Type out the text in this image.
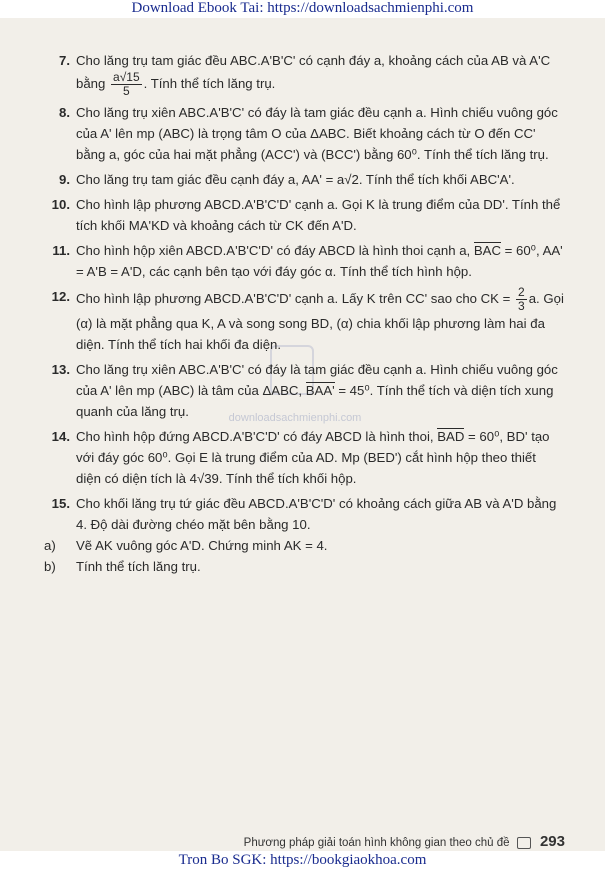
Download Ebook Tai: https://downloadsachmienphi.com
downloadsachmienphi.com
7. Cho lăng trụ tam giác đều ABC.A'B'C' có cạnh đáy a, khoảng cách của AB và A'C bằng $\frac{a√15}{5}$ . Tính thể tích lăng trụ.
8. Cho lăng trụ xiên ABC.A'B'C' có đáy là tam giác đều cạnh a. Hình chiếu vuông góc của A' lên mp (ABC) là trọng tâm O của ΔABC. Biết khoảng cách từ O đến CC' bằng a, góc của hai mặt phẳng (ACC') và (BCC') bằng 60⁰. Tính thể tích lăng trụ.
9. Cho lăng trụ tam giác đều cạnh đáy a, AA' = a√2. Tính thể tích khối ABC'A'.
10. Cho hình lập phương ABCD.A'B'C'D' cạnh a. Gọi K là trung điểm của DD'. Tính thể tích khối MA'KD và khoảng cách từ CK đến A'D.
11. Cho hình hộp xiên ABCD.A'B'C'D' có đáy ABCD là hình thoi cạnh a, BAC = 60⁰, AA' = A'B = A'D, các cạnh bên tạo với đáy góc α. Tính thể tích hình hộp.
12. Cho hình lập phương ABCD.A'B'C'D' cạnh a. Lấy K trên CC' sao cho CK = $\frac{2}{3} a$. Gọi (α) là mặt phẳng qua K, A và song song BD, (α) chia khối lập phương làm hai đa diện. Tính thể tích hai khối đa diện.
13. Cho lăng trụ xiên ABC.A'B'C' có đáy là tam giác đều cạnh a. Hình chiếu vuông góc của A' lên mp (ABC) là tâm của ΔABC, BAA' = 45⁰. Tính thể tích và diện tích xung quanh của lăng trụ.
14. Cho hình hộp đứng ABCD.A'B'C'D' có đáy ABCD là hình thoi, BAD = 60⁰, BD' tạo với đáy góc 60⁰. Gọi E là trung điểm của AD. Mp (BED') cắt hình hộp theo thiết diện có diện tích là 4√39. Tính thể tích khối hộp.
15. Cho khối lăng trụ tứ giác đều ABCD.A'B'C'D' có khoảng cách giữa AB và A'D bằng 4. Độ dài đường chéo mặt bên bằng 10.
a)	Vẽ AK vuông góc A'D. Chứng minh AK = 4.
b)	Tính thể tích lăng trụ.
Phương pháp giải toán hình không gian theo chủ đề 293
Tron Bo SGK: https://bookgiaokhoa.com
